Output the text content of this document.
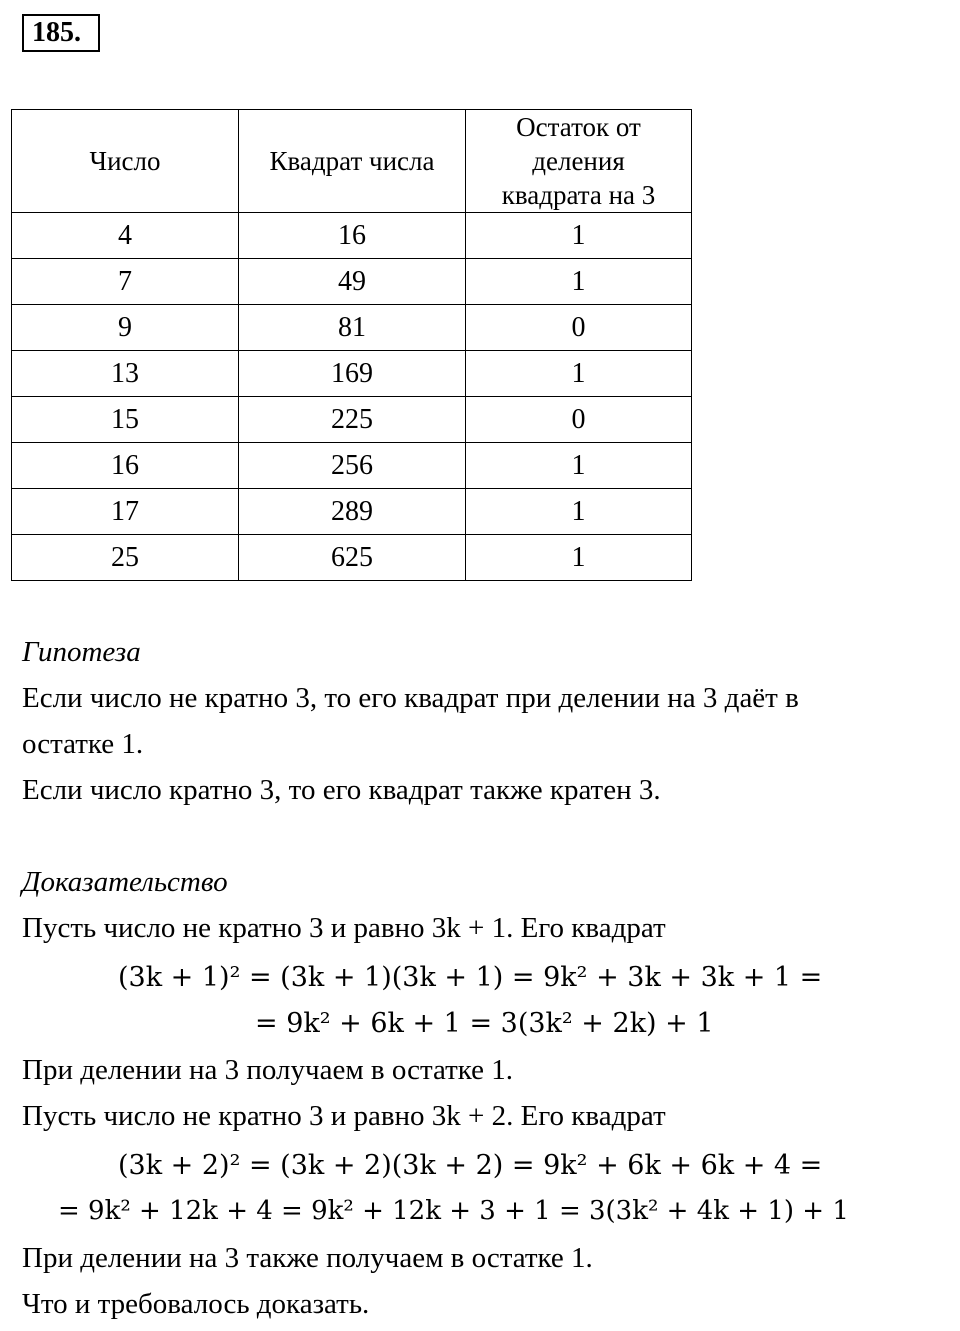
185.
Число	Квадрат числа	Остаток от
деления
квадрата на 3

4	16	1
7	49	1
9	81	0
13	169	1
15	225	0
16	256	1
17	289	1
25	625	1
Гипотеза
Если число не кратно 3, то его квадрат при делении на 3 даёт в
остатке 1.
Если число кратно 3, то его квадрат также кратен 3.
Доказательство
Пусть число не кратно 3 и равно 3k + 1. Его квадрат
(3k + 1)² = (3k + 1)(3k + 1) = 9k² + 3k + 3k + 1 =
= 9k² + 6k + 1 = 3(3k² + 2k) + 1
При делении на 3 получаем в остатке 1.
Пусть число не кратно 3 и равно 3k + 2. Его квадрат
(3k + 2)² = (3k + 2)(3k + 2) = 9k² + 6k + 6k + 4 =
= 9k² + 12k + 4 = 9k² + 12k + 3 + 1 = 3(3k² + 4k + 1) + 1
При делении на 3 также получаем в остатке 1.
Что и требовалось доказать.
